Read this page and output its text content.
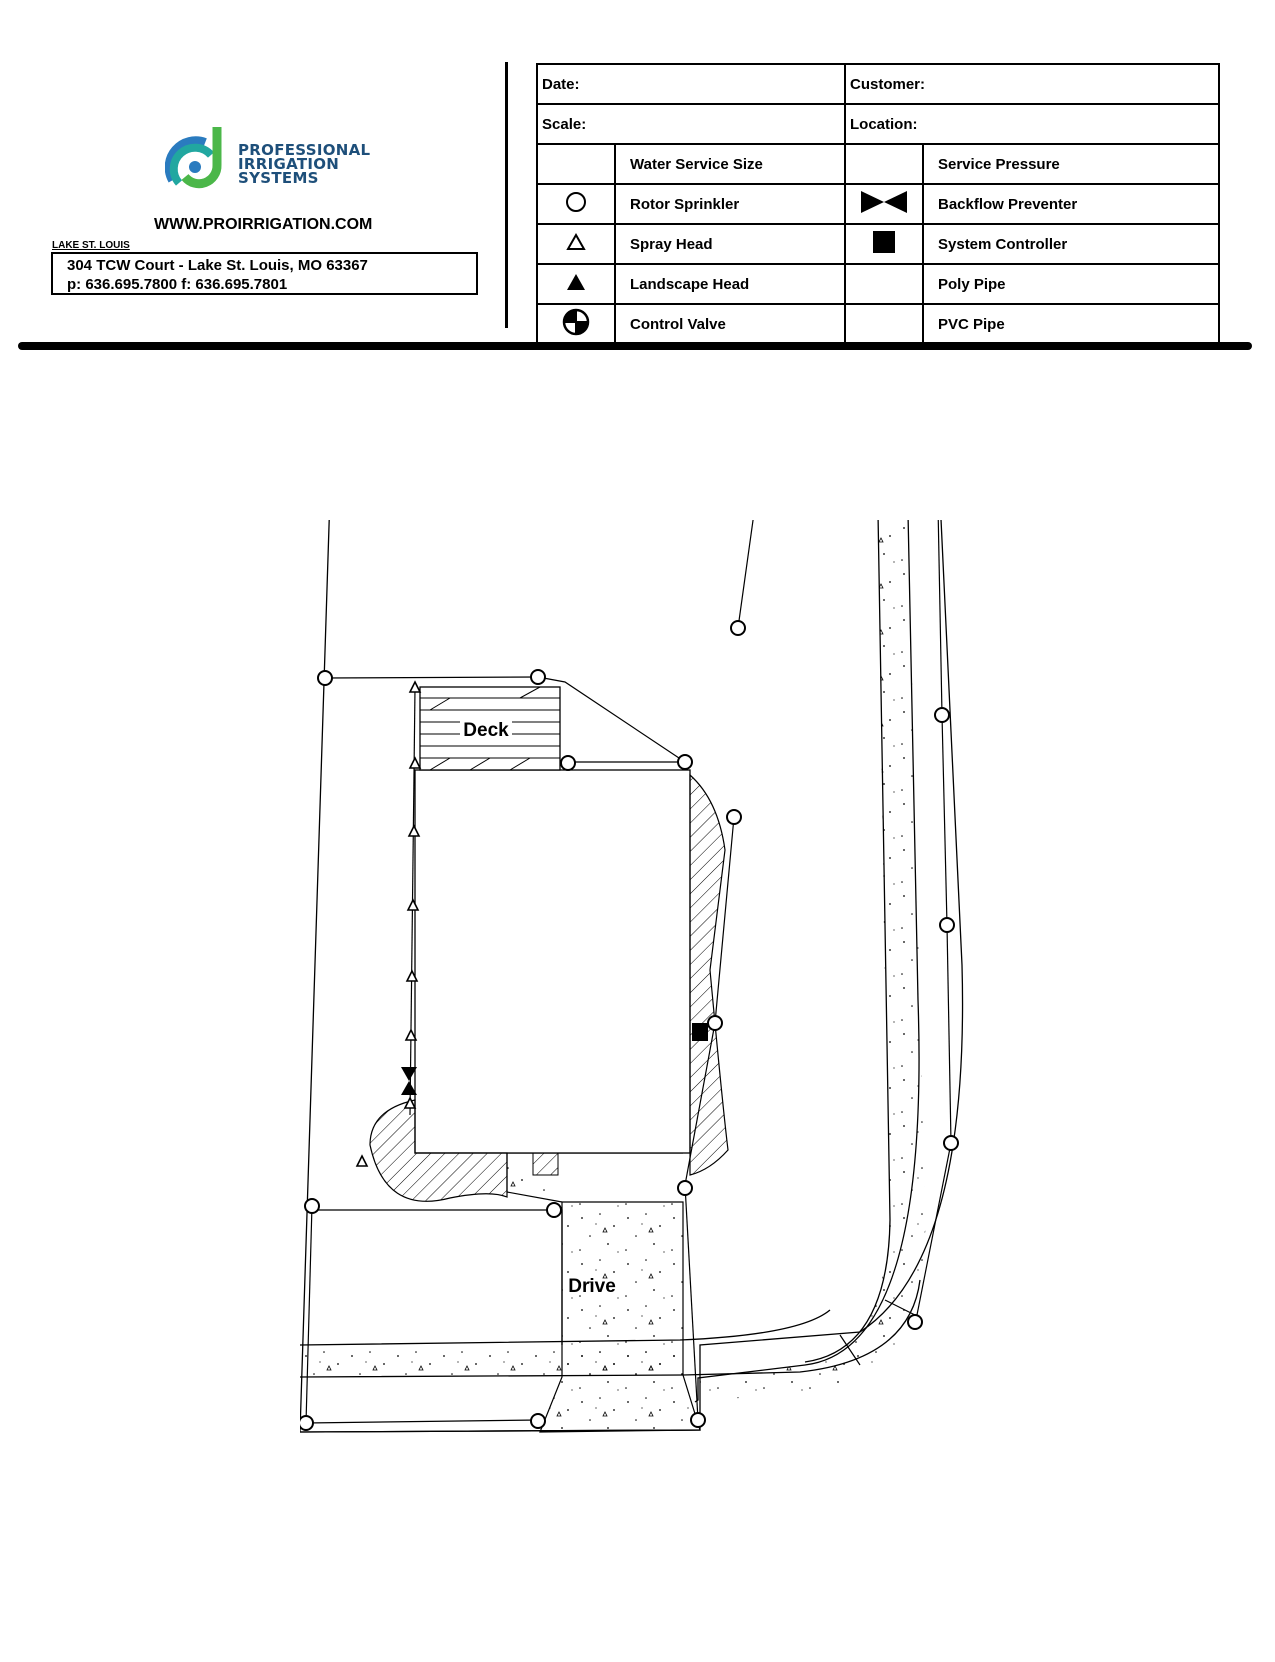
PROFESSIONAL
IRRIGATION
SYSTEMS
WWW.PROIRRIGATION.COM
LAKE ST. LOUIS
304 TCW Court - Lake St. Louis, MO 63367
p: 636.695.7800 f: 636.695.7801
Date:		Customer:	
Scale:		Location:	
	Water Service Size		Service Pressure
	Rotor Sprinkler		Backflow Preventer
	Spray Head		System Controller
	Landscape Head		Poly Pipe
	Control Valve		PVC Pipe
Drive
Deck
